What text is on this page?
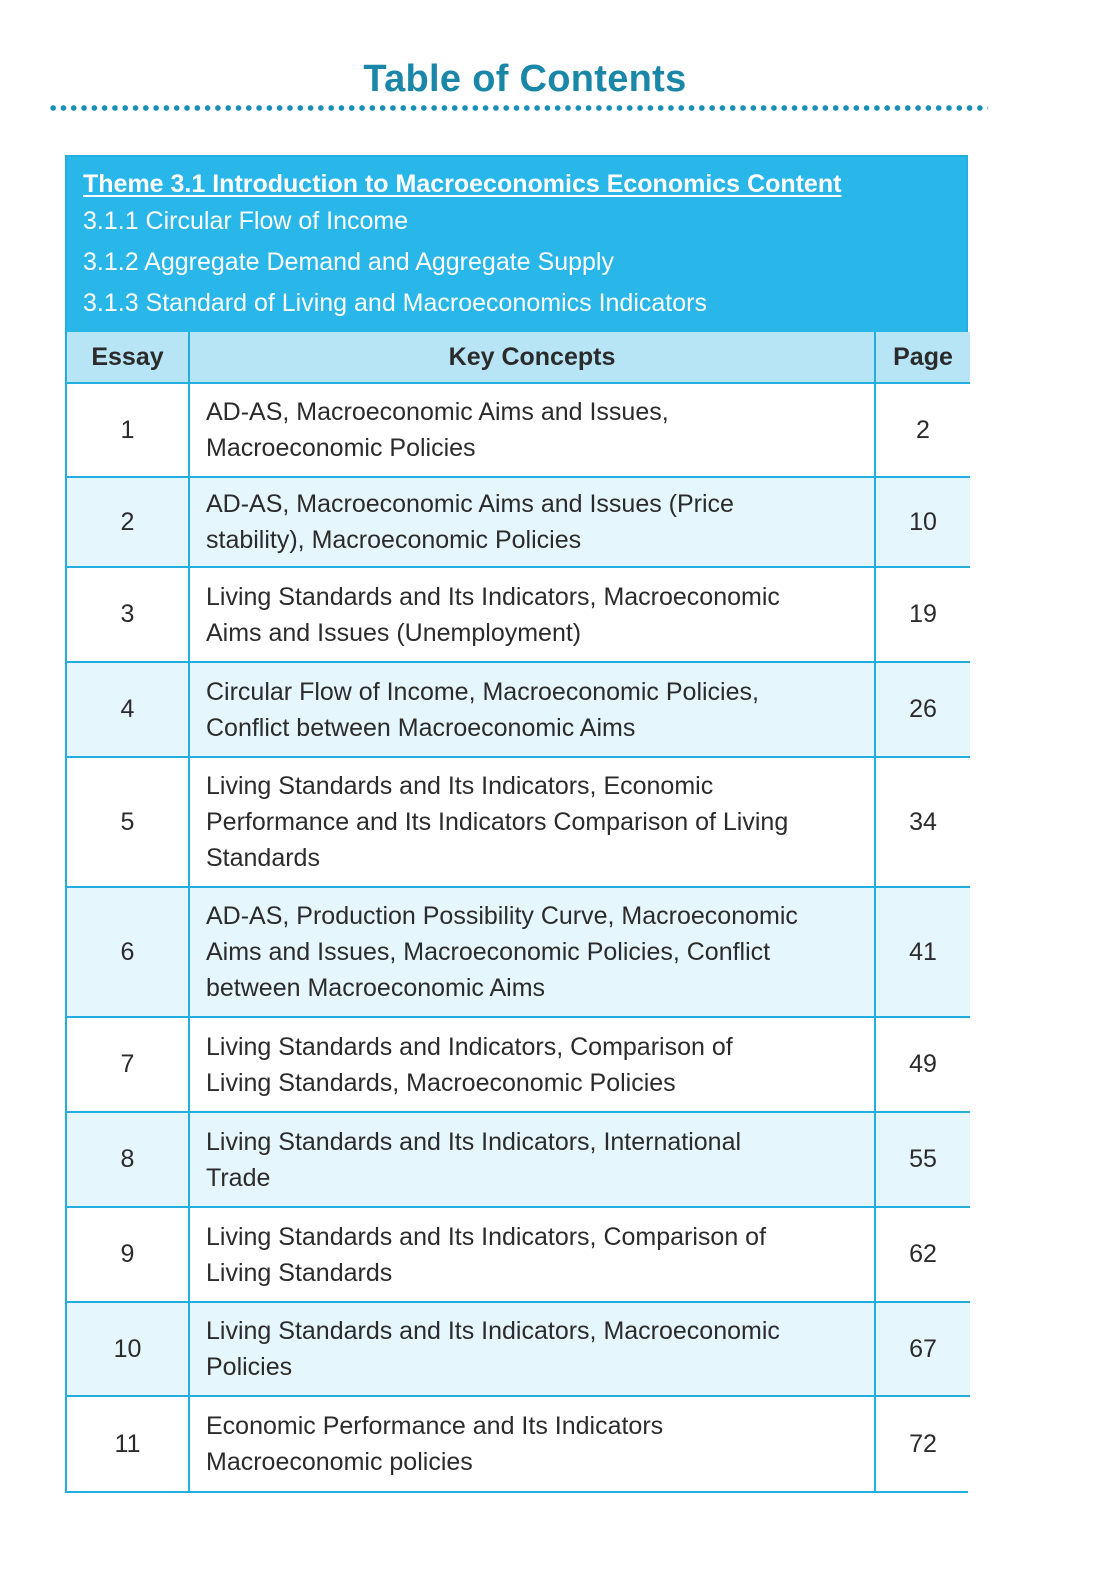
Table of Contents
Theme 3.1 Introduction to Macroeconomics Economics Content
3.1.1 Circular Flow of Income
3.1.2 Aggregate Demand and Aggregate Supply
3.1.3 Standard of Living and Macroeconomics Indicators
Essay	Key Concepts	Page
1	AD-AS, Macroeconomic Aims and Issues,
Macroeconomic Policies	2
2	AD-AS, Macroeconomic Aims and Issues (Price
stability), Macroeconomic Policies	10
3	Living Standards and Its Indicators, Macroeconomic
Aims and Issues (Unemployment)	19
4	Circular Flow of Income, Macroeconomic Policies,
Conflict between Macroeconomic Aims	26
5	Living Standards and Its Indicators, Economic
Performance and Its Indicators Comparison of Living
Standards	34
6	AD-AS, Production Possibility Curve, Macroeconomic
Aims and Issues, Macroeconomic Policies, Conflict
between Macroeconomic Aims	41
7	Living Standards and Indicators, Comparison of
Living Standards, Macroeconomic Policies	49
8	Living Standards and Its Indicators, International
Trade	55
9	Living Standards and Its Indicators, Comparison of
Living Standards	62
10	Living Standards and Its Indicators, Macroeconomic
Policies	67
11	Economic Performance and Its Indicators
Macroeconomic policies	72
